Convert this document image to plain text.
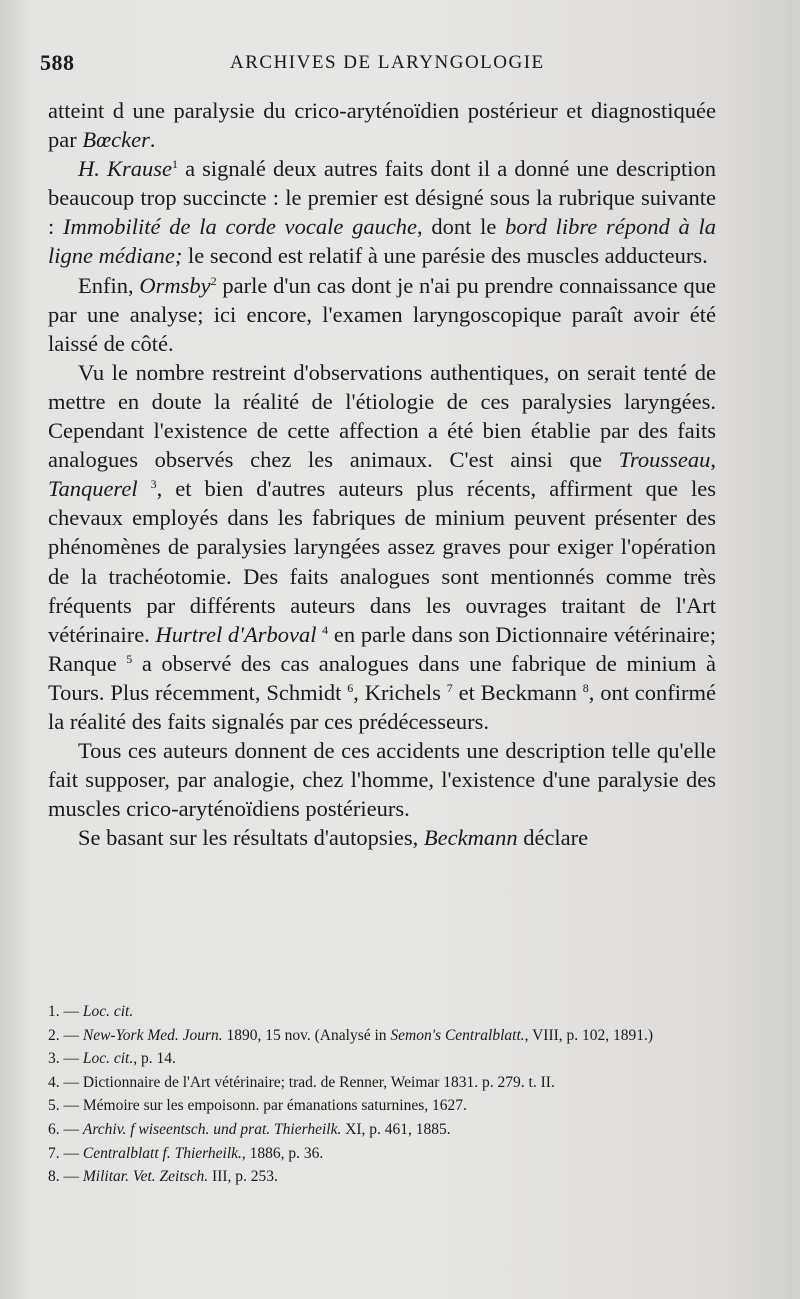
588	ARCHIVES DE LARYNGOLOGIE

atteint d une paralysie du crico-aryténoïdien postérieur et diagnostiquée par Bœcker.

H. Krause$^1$ a signalé deux autres faits dont il a donné une description beaucoup trop succincte : le premier est désigné sous la rubrique suivante : Immobilité de la corde vocale gauche, dont le bord libre répond à la ligne médiane; le second est relatif à une parésie des muscles adducteurs.

Enfin, Ormsby$^2$ parle d'un cas dont je n'ai pu prendre connaissance que par une analyse; ici encore, l'examen laryngoscopique paraît avoir été laissé de côté.

Vu le nombre restreint d'observations authentiques, on serait tenté de mettre en doute la réalité de l'étiologie de ces paralysies laryngées. Cependant l'existence de cette affection a été bien établie par des faits analogues observés chez les animaux. C'est ainsi que Trousseau, Tanquerel $^3$, et bien d'autres auteurs plus récents, affirment que les chevaux employés dans les fabriques de minium peuvent présenter des phénomènes de paralysies laryngées assez graves pour exiger l'opération de la trachéotomie. Des faits analogues sont mentionnés comme très fréquents par différents auteurs dans les ouvrages traitant de l'Art vétérinaire. Hurtrel d'Arboval $^4$ en parle dans son Dictionnaire vétérinaire; Ranque $^5$ a observé des cas analogues dans une fabrique de minium à Tours. Plus récemment, Schmidt $^6$, Krichels $^7$ et Beckmann $^8$, ont confirmé la réalité des faits signalés par ces prédécesseurs.

Tous ces auteurs donnent de ces accidents une description telle qu'elle fait supposer, par analogie, chez l'homme, l'existence d'une paralysie des muscles crico-aryténoïdiens postérieurs.

Se basant sur les résultats d'autopsies, Beckmann déclare

1. — Loc. cit.

2. — New-York Med. Journ. 1890, 15 nov. (Analysé in Semon's Centralblatt., VIII, p. 102, 1891.)

3. — Loc. cit., p. 14.

4. — Dictionnaire de l'Art vétérinaire; trad. de Renner, Weimar 1831. p. 279. t. II.

5. — Mémoire sur les empoisonn. par émanations saturnines, 1627.

6. — Archiv. f wiseentsch. und prat. Thierheilk. XI, p. 461, 1885.

7. — Centralblatt f. Thierheilk., 1886, p. 36.

8. — Militar. Vet. Zeitsch. III, p. 253.
